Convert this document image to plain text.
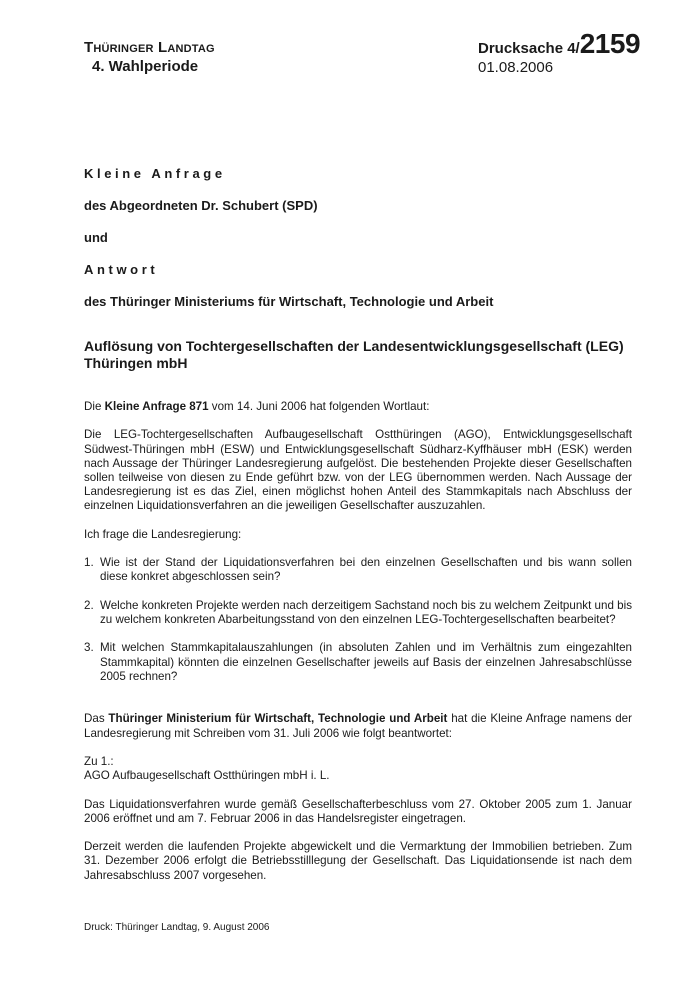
Thüringer Landtag
4. Wahlperiode
Drucksache 4/2159
01.08.2006

Kleine Anfrage

des Abgeordneten Dr. Schubert (SPD)

und

Antwort

des Thüringer Ministeriums für Wirtschaft, Technologie und Arbeit

Auflösung von Tochtergesellschaften der Landesentwicklungsgesellschaft (LEG) Thüringen mbH

Die Kleine Anfrage 871 vom 14. Juni 2006 hat folgenden Wortlaut:

Die LEG-Tochtergesellschaften Aufbaugesellschaft Ostthüringen (AGO), Entwicklungsgesellschaft Südwest-Thüringen mbH (ESW) und Entwicklungsgesellschaft Südharz-Kyffhäuser mbH (ESK) werden nach Aussage der Thüringer Landesregierung aufgelöst. Die bestehenden Projekte dieser Gesellschaften sollen teilweise von diesen zu Ende geführt bzw. von der LEG übernommen werden. Nach Aussage der Landesregierung ist es das Ziel, einen möglichst hohen Anteil des Stammkapitals nach Abschluss der einzelnen Liquidationsverfahren an die jeweiligen Gesellschafter auszuzahlen.

Ich frage die Landesregierung:

1. Wie ist der Stand der Liquidationsverfahren bei den einzelnen Gesellschaften und bis wann sollen diese konkret abgeschlossen sein?
2. Welche konkreten Projekte werden nach derzeitigem Sachstand noch bis zu welchem Zeitpunkt und bis zu welchem konkreten Abarbeitungsstand von den einzelnen LEG-Tochtergesellschaften bearbeitet?
3. Mit welchen Stammkapitalauszahlungen (in absoluten Zahlen und im Verhältnis zum eingezahlten Stammkapital) könnten die einzelnen Gesellschafter jeweils auf Basis der einzelnen Jahresabschlüsse 2005 rechnen?

Das Thüringer Ministerium für Wirtschaft, Technologie und Arbeit hat die Kleine Anfrage namens der Landesregierung mit Schreiben vom 31. Juli 2006 wie folgt beantwortet:

Zu 1.:

AGO Aufbaugesellschaft Ostthüringen mbH i. L.

Das Liquidationsverfahren wurde gemäß Gesellschafterbeschluss vom 27. Oktober 2005 zum 1. Januar 2006 eröffnet und am 7. Februar 2006 in das Handelsregister eingetragen.

Derzeit werden die laufenden Projekte abgewickelt und die Vermarktung der Immobilien betrieben. Zum 31. Dezember 2006 erfolgt die Betriebsstilllegung der Gesellschaft. Das Liquidationsende ist nach dem Jahresabschluss 2007 vorgesehen.

Druck: Thüringer Landtag, 9. August 2006
